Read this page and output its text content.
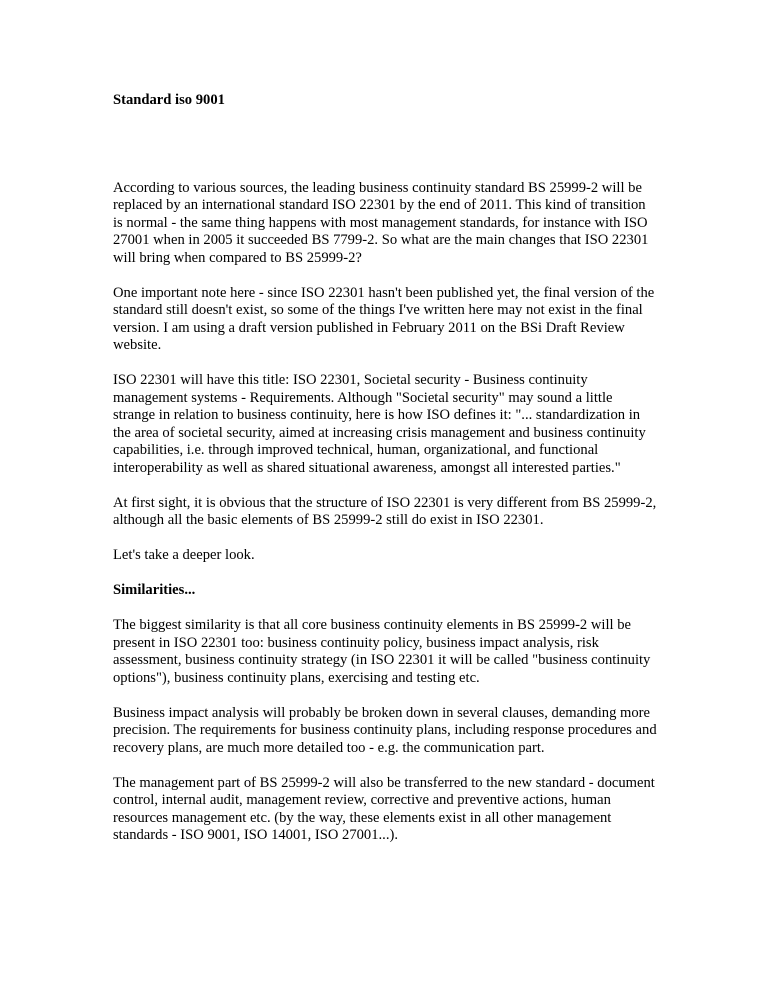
Standard iso 9001

According to various sources, the leading business continuity standard BS 25999-2 will be replaced by an international standard ISO 22301 by the end of 2011. This kind of transition is normal - the same thing happens with most management standards, for instance with ISO 27001 when in 2005 it succeeded BS 7799-2. So what are the main changes that ISO 22301 will bring when compared to BS 25999-2?

One important note here - since ISO 22301 hasn't been published yet, the final version of the standard still doesn't exist, so some of the things I've written here may not exist in the final version. I am using a draft version published in February 2011 on the BSi Draft Review website.

ISO 22301 will have this title: ISO 22301, Societal security - Business continuity management systems - Requirements. Although "Societal security" may sound a little strange in relation to business continuity, here is how ISO defines it: "... standardization in the area of societal security, aimed at increasing crisis management and business continuity capabilities, i.e. through improved technical, human, organizational, and functional interoperability as well as shared situational awareness, amongst all interested parties."

At first sight, it is obvious that the structure of ISO 22301 is very different from BS 25999-2, although all the basic elements of BS 25999-2 still do exist in ISO 22301.

Let's take a deeper look.

Similarities...

The biggest similarity is that all core business continuity elements in BS 25999-2 will be present in ISO 22301 too: business continuity policy, business impact analysis, risk assessment, business continuity strategy (in ISO 22301 it will be called "business continuity options"), business continuity plans, exercising and testing etc.

Business impact analysis will probably be broken down in several clauses, demanding more precision. The requirements for business continuity plans, including response procedures and recovery plans, are much more detailed too - e.g. the communication part.

The management part of BS 25999-2 will also be transferred to the new standard - document control, internal audit, management review, corrective and preventive actions, human resources management etc. (by the way, these elements exist in all other management standards - ISO 9001, ISO 14001, ISO 27001...).
